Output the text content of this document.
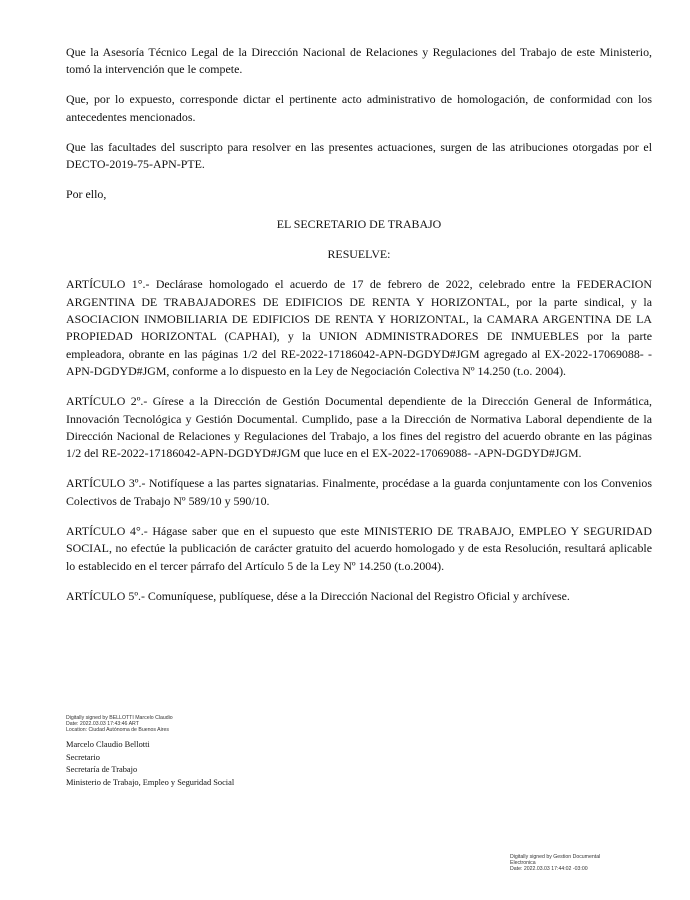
Que la Asesoría Técnico Legal de la Dirección Nacional de Relaciones y Regulaciones del Trabajo de este Ministerio, tomó la intervención que le compete.

Que, por lo expuesto, corresponde dictar el pertinente acto administrativo de homologación, de conformidad con los antecedentes mencionados.

Que las facultades del suscripto para resolver en las presentes actuaciones, surgen de las atribuciones otorgadas por el DECTO-2019-75-APN-PTE.

Por ello,

EL SECRETARIO DE TRABAJO

RESUELVE:

ARTÍCULO 1°.- Declárase homologado el acuerdo de 17 de febrero de 2022, celebrado entre la FEDERACION ARGENTINA DE TRABAJADORES DE EDIFICIOS DE RENTA Y HORIZONTAL, por la parte sindical, y la ASOCIACION INMOBILIARIA DE EDIFICIOS DE RENTA Y HORIZONTAL, la CAMARA ARGENTINA DE LA PROPIEDAD HORIZONTAL (CAPHAI), y la UNION ADMINISTRADORES DE INMUEBLES por la parte empleadora, obrante en las páginas 1/2 del RE-2022-17186042-APN-DGDYD#JGM agregado al EX-2022-17069088- -APN-DGDYD#JGM, conforme a lo dispuesto en la Ley de Negociación Colectiva Nº 14.250 (t.o. 2004).

ARTÍCULO 2º.- Gírese a la Dirección de Gestión Documental dependiente de la Dirección General de Informática, Innovación Tecnológica y Gestión Documental. Cumplido, pase a la Dirección de Normativa Laboral dependiente de la Dirección Nacional de Relaciones y Regulaciones del Trabajo, a los fines del registro del acuerdo obrante en las páginas 1/2 del RE-2022-17186042-APN-DGDYD#JGM que luce en el EX-2022-17069088- -APN-DGDYD#JGM.

ARTÍCULO 3º.- Notifíquese a las partes signatarias. Finalmente, procédase a la guarda conjuntamente con los Convenios Colectivos de Trabajo Nº 589/10 y 590/10.

ARTÍCULO 4°.- Hágase saber que en el supuesto que este MINISTERIO DE TRABAJO, EMPLEO Y SEGURIDAD SOCIAL, no efectúe la publicación de carácter gratuito del acuerdo homologado y de esta Resolución, resultará aplicable lo establecido en el tercer párrafo del Artículo 5 de la Ley Nº 14.250 (t.o.2004).

ARTÍCULO 5º.- Comuníquese, publíquese, dése a la Dirección Nacional del Registro Oficial y archívese.

Digitally signed by BELLOTTI Marcelo Claudio
Date: 2022.03.03 17:43:46 ART
Location: Ciudad Autónoma de Buenos Aires
Marcelo Claudio Bellotti
Secretario
Secretaría de Trabajo
Ministerio de Trabajo, Empleo y Seguridad Social
Digitally signed by Gestion Documental
Electronica
Date: 2022.03.03 17:44:02 -03:00
